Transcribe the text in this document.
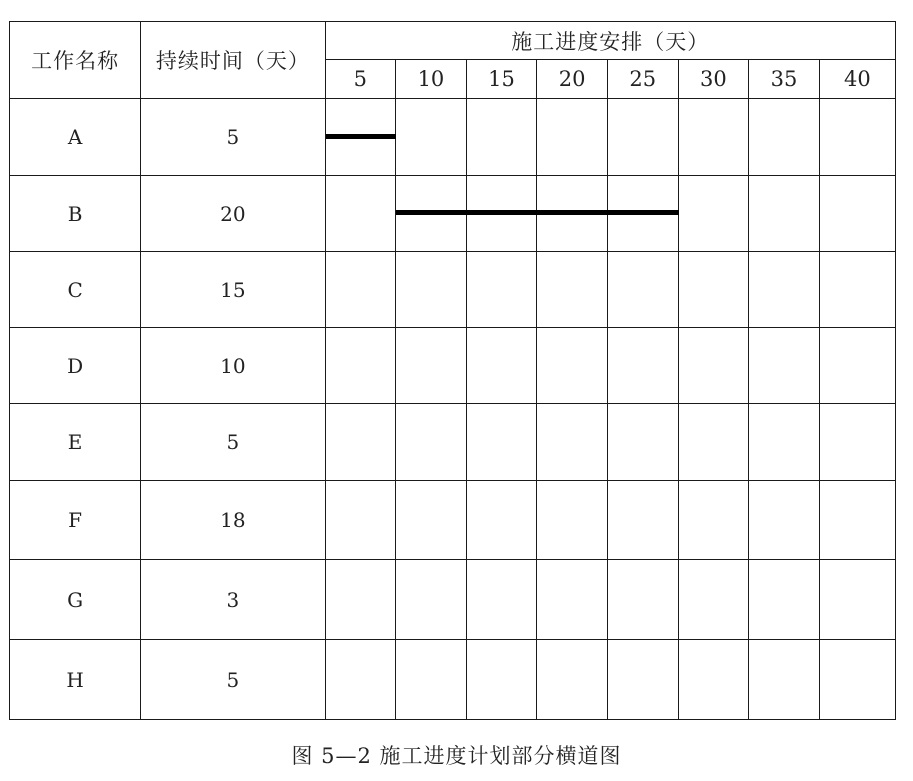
工作名称	持续时间（天）	施工进度安排（天）							
		5	10	15	20	25	30	35	40
A	5								

B	20								

C	15								

D	10								

E	5								

F	18								

G	3								

H	5								
图 5—2 施工进度计划部分横道图
